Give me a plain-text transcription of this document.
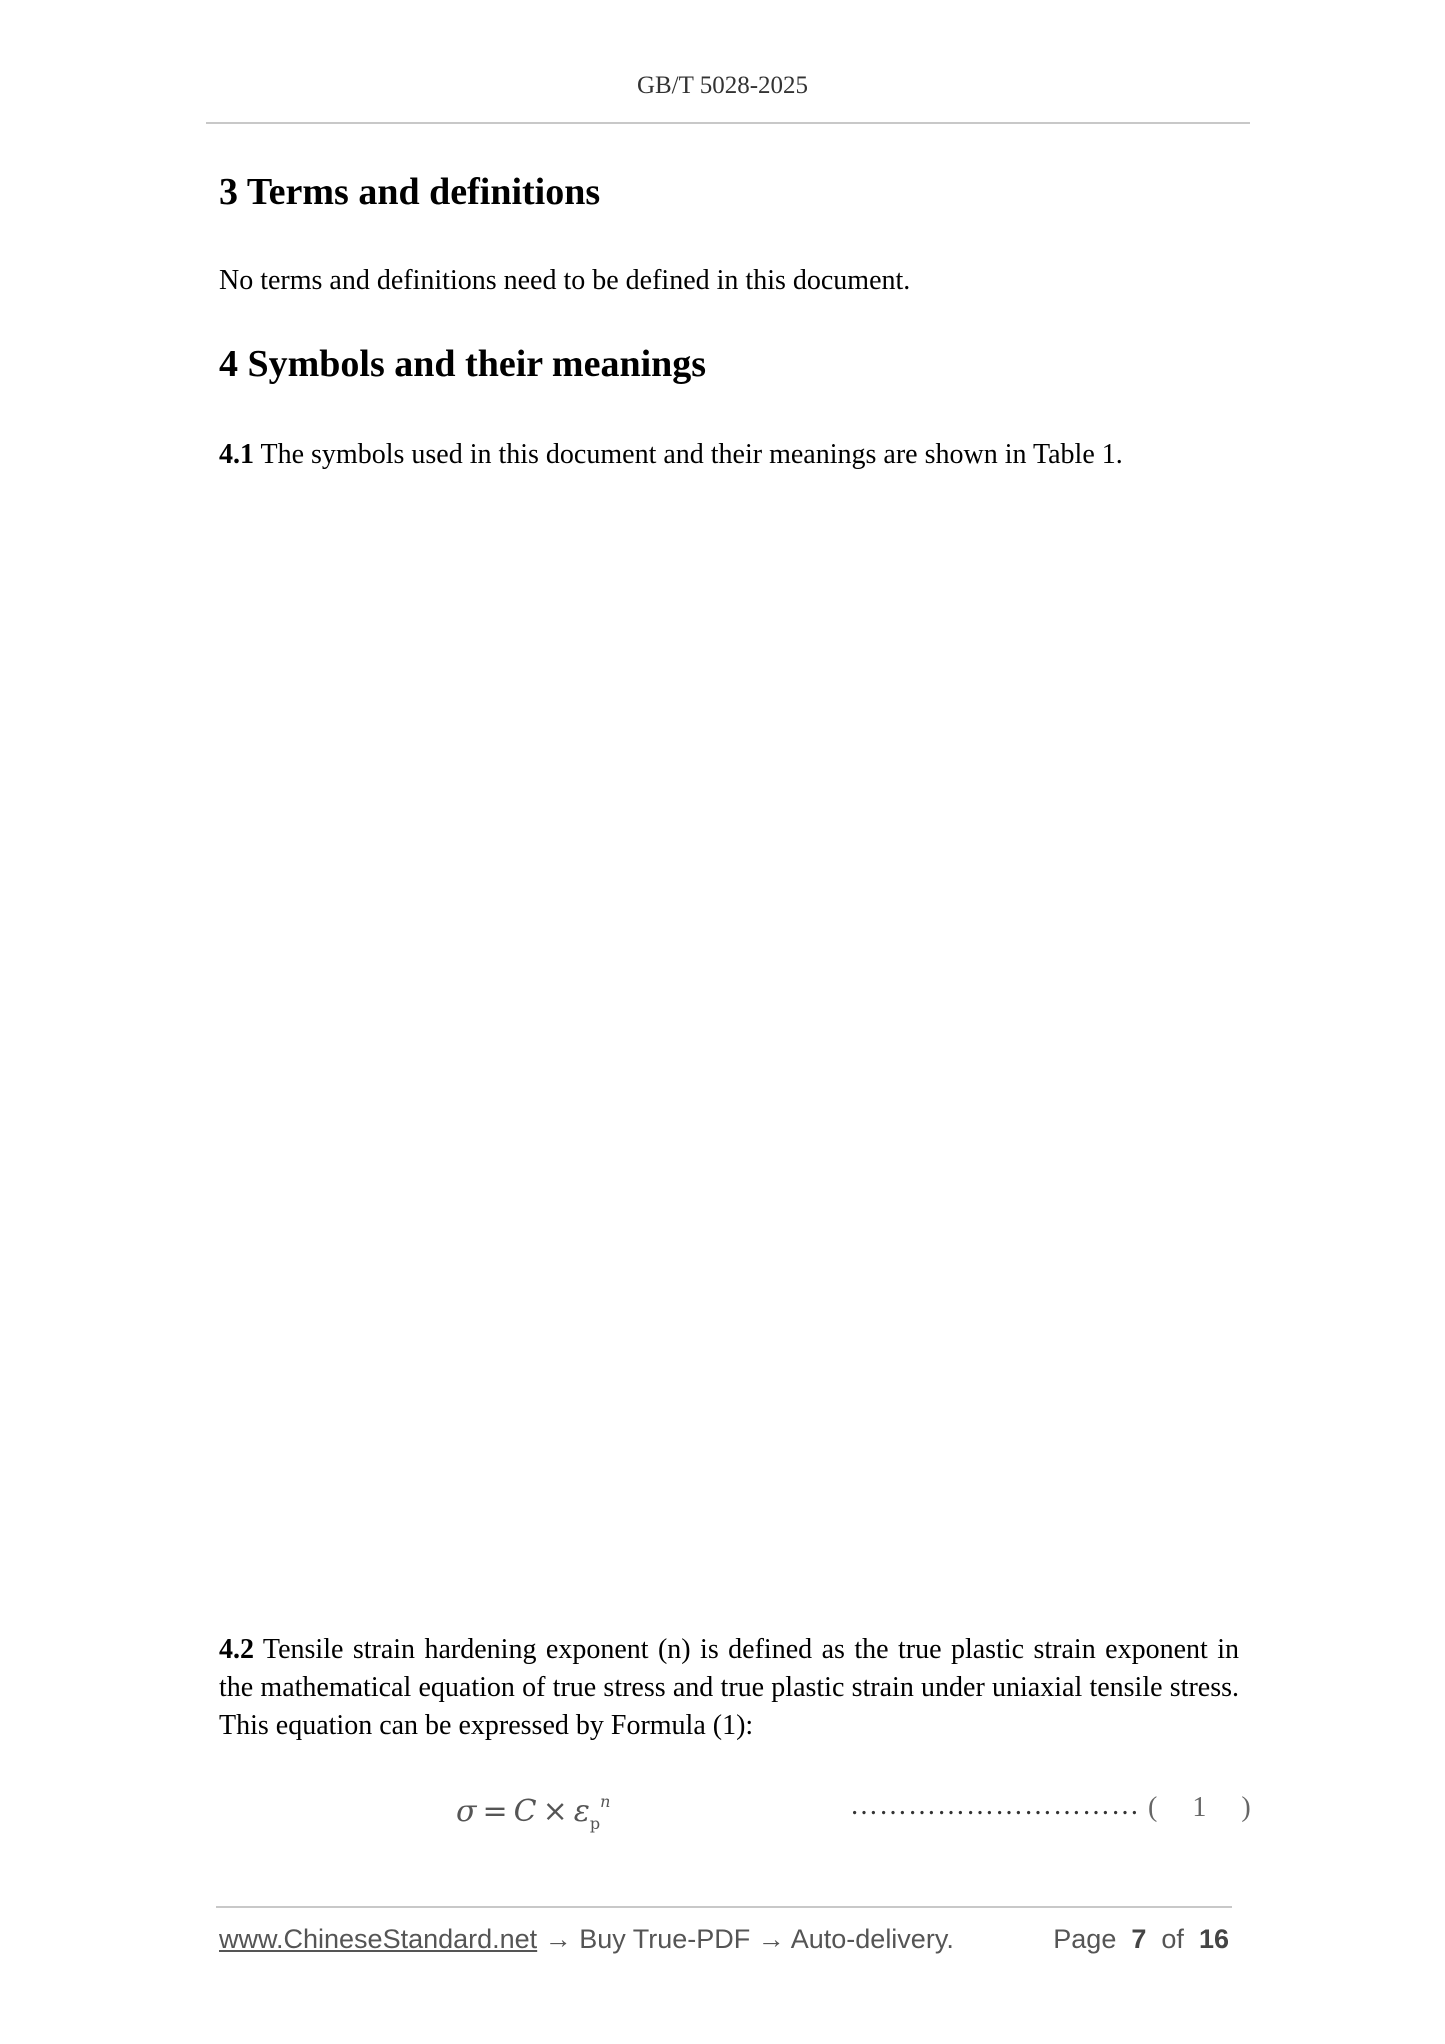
GB/T 5028-2025
3 Terms and definitions

No terms and definitions need to be defined in this document.

4 Symbols and their meanings

4.1 The symbols used in this document and their meanings are shown in Table 1.

4.2 Tensile strain hardening exponent (n) is defined as the true plastic strain exponent in the mathematical equation of true stress and true plastic strain under uniaxial tensile stress. This equation can be expressed by Formula (1):

$\sigma = C \times \varepsilon_p^n$	………………………… ( 1 )
www.ChineseStandard.net → Buy True-PDF → Auto-delivery.	Page 7 of 16
